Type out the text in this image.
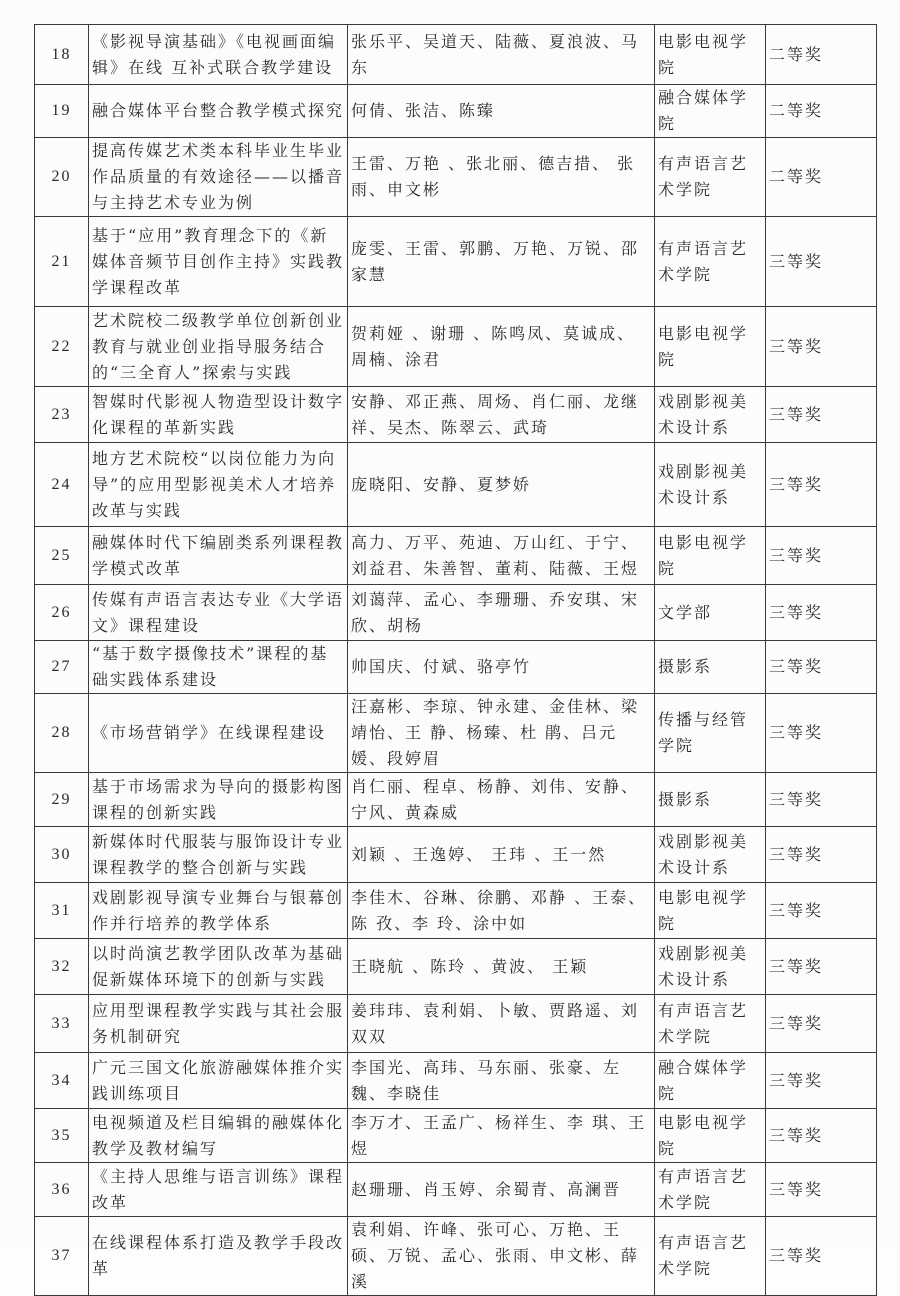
18	《影视导演基础》《电视画面编辑》在线 互补式联合教学建设	张乐平、吴道天、陆薇、夏浪波、马东	电影电视学院	二等奖
19	融合媒体平台整合教学模式探究	何倩、张洁、陈臻	融合媒体学院	二等奖
20	提高传媒艺术类本科毕业生毕业作品质量的有效途径——以播音与主持艺术专业为例	王雷、万艳 、张北丽、德吉措、 张雨、申文彬	有声语言艺术学院	二等奖
21	基于“应用”教育理念下的《新媒体音频节目创作主持》实践教学课程改革	庞雯、王雷、郭鹏、万艳、万锐、邵家慧	有声语言艺术学院	三等奖
22	艺术院校二级教学单位创新创业教育与就业创业指导服务结合的“三全育人”探索与实践	贺莉娅 、谢珊 、陈鸣凤、莫诚成、周楠、涂君	电影电视学院	三等奖
23	智媒时代影视人物造型设计数字化课程的革新实践	安静、邓正燕、周炀、肖仁丽、龙继祥、吴杰、陈翠云、武琦	戏剧影视美术设计系	三等奖
24	地方艺术院校“以岗位能力为向导”的应用型影视美术人才培养改革与实践	庞晓阳、安静、夏梦娇	戏剧影视美术设计系	三等奖
25	融媒体时代下编剧类系列课程教学模式改革	高力、万平、苑迪、万山红、于宁、刘益君、朱善智、董莉、陆薇、王煜	电影电视学院	三等奖
26	传媒有声语言表达专业《大学语文》课程建设	刘蔼萍、孟心、李珊珊、乔安琪、宋欣、胡杨	文学部	三等奖
27	“基于数字摄像技术”课程的基础实践体系建设	帅国庆、付斌、骆亭竹	摄影系	三等奖
28	《市场营销学》在线课程建设	汪嘉彬、李琼、钟永建、金佳林、梁靖怡、王 静、杨臻、杜 鹃、吕元媛、段婷眉	传播与经管学院	三等奖
29	基于市场需求为导向的摄影构图课程的创新实践	肖仁丽、程卓、杨静、刘伟、安静、宁风、黄森威	摄影系	三等奖
30	新媒体时代服装与服饰设计专业课程教学的整合创新与实践	刘颖 、王逸婷、 王玮 、王一然	戏剧影视美术设计系	三等奖
31	戏剧影视导演专业舞台与银幕创作并行培养的教学体系	李佳木、谷琳、徐鹏、邓静 、王泰、陈 孜、李 玲、涂中如	电影电视学院	三等奖
32	以时尚演艺教学团队改革为基础促新媒体环境下的创新与实践	王晓航 、陈玲 、黄波、 王颖	戏剧影视美术设计系	三等奖
33	应用型课程教学实践与其社会服务机制研究	姜玮玮、袁利娟、卜敏、贾路遥、刘双双	有声语言艺术学院	三等奖
34	广元三国文化旅游融媒体推介实践训练项目	李国光、高玮、马东丽、张豪、左魏、李晓佳	融合媒体学院	三等奖
35	电视频道及栏目编辑的融媒体化教学及教材编写	李万才、王孟广、杨祥生、李 琪、王 煜	电影电视学院	三等奖
36	《主持人思维与语言训练》课程改革	赵珊珊、肖玉婷、余蜀青、高澜晋	有声语言艺术学院	三等奖
37	在线课程体系打造及教学手段改革	袁利娟、许峰、张可心、万艳、王硕、万锐、孟心、张雨、申文彬、薛溪	有声语言艺术学院	三等奖
